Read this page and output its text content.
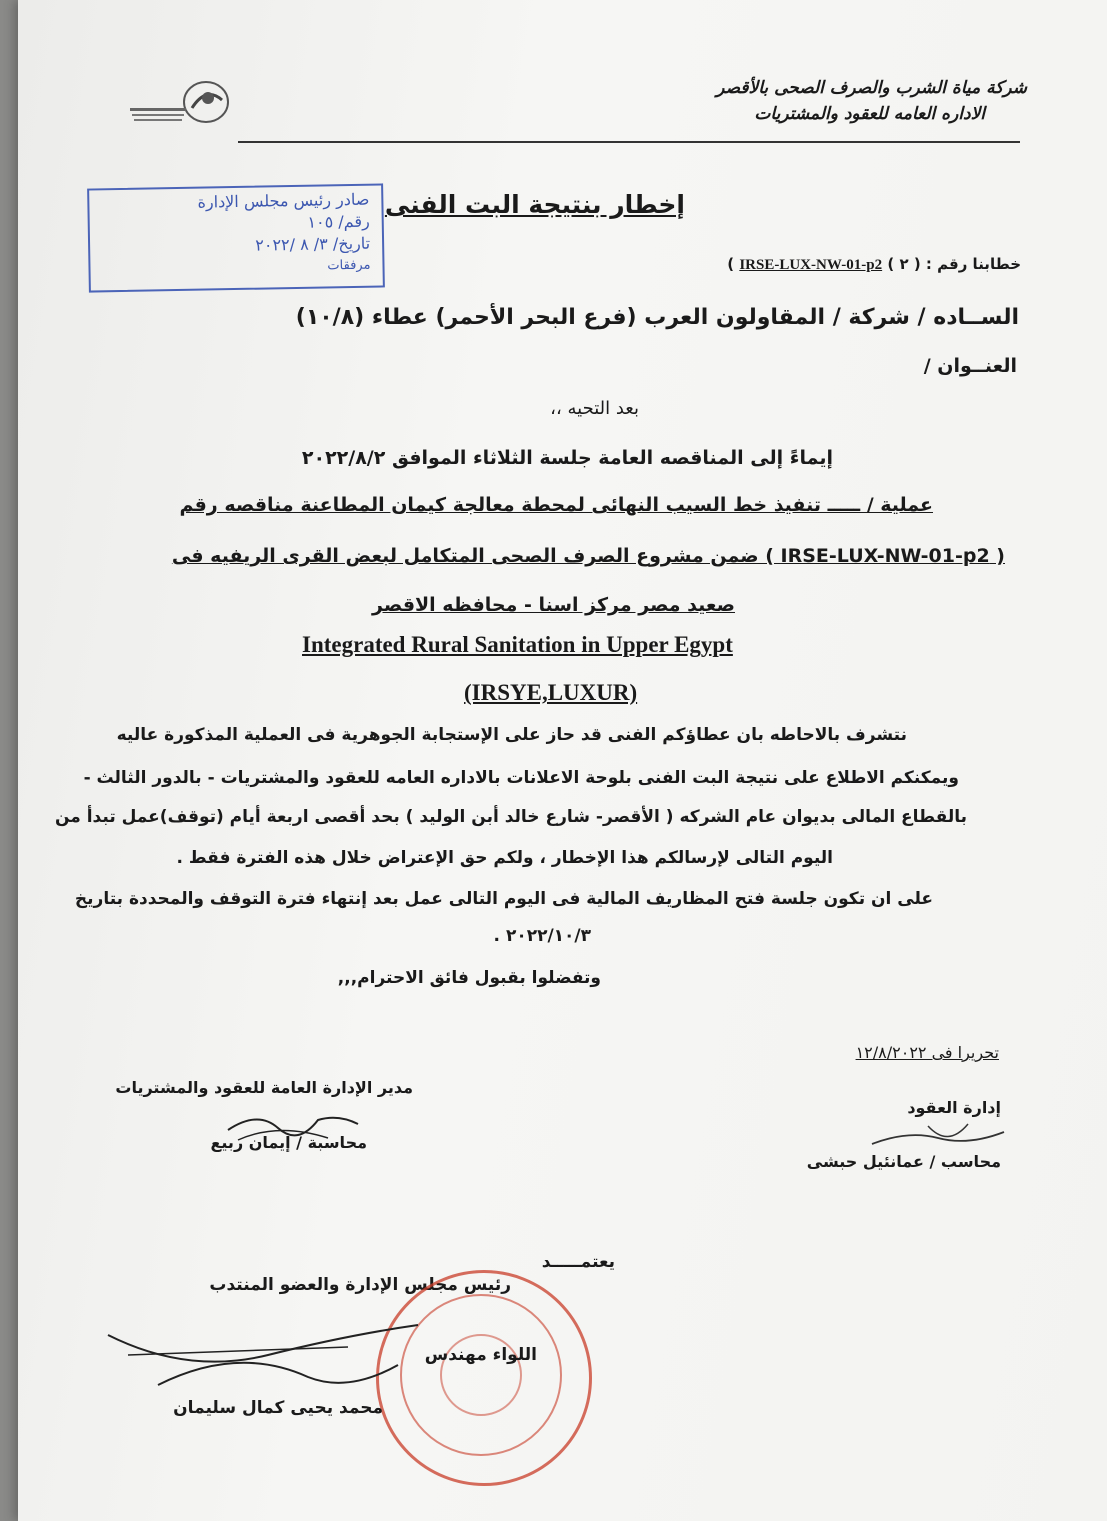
شركة مياة الشرب والصرف الصحى بالأقصر
الاداره العامه للعقود والمشتريات
صادر رئيس مجلس الإدارة
رقم/ ١٠٥
تاريخ/ ٣/ ٨ /٢٠٢٢
مرفقات
إخطار بنتيجة البت الفنى
خطابنا رقم : ( ٢ ) IRSE-LUX-NW-01-p2 )
الســاده / شركة / المقاولون العرب (فرع البحر الأحمر) عطاء (١٠/٨)
العنــوان /
بعد التحيه ،،
إيماءً إلى المناقصه العامة جلسة الثلاثاء الموافق ٢٠٢٢/٨/٢
عملية / ـــــ تنفيذ خط السيب النهائى لمحطة معالجة كيمان المطاعنة مناقصه رقم
( IRSE-LUX-NW-01-p2 ) ضمن مشروع الصرف الصحى المتكامل لبعض القرى الريفيه فى
صعيد مصر مركز اسنا - محافظه الاقصر
Integrated Rural Sanitation in Upper Egypt
(IRSYE,LUXUR)
نتشرف بالاحاطه بان عطاؤكم الفنى قد حاز على الإستجابة الجوهرية فى العملية المذكورة عاليه
ويمكنكم الاطلاع على نتيجة البت الفنى بلوحة الاعلانات بالاداره العامه للعقود والمشتريات - بالدور الثالث -
بالقطاع المالى بديوان عام الشركه ( الأقصر- شارع خالد أبن الوليد ) بحد أقصى اربعة أيام (توقف)عمل تبدأ من
اليوم التالى لإرسالكم هذا الإخطار ، ولكم حق الإعتراض خلال هذه الفترة فقط .
على ان تكون جلسة فتح المظاريف المالية فى اليوم التالى عمل بعد إنتهاء فترة التوقف والمحددة بتاريخ
٢٠٢٢/١٠/٣ .
وتفضلوا بقبول فائق الاحترام,,,
تحريرا فى ١٢/٨/٢٠٢٢
مدير الإدارة العامة للعقود والمشتريات
محاسبة / إيمان ربيع
إدارة العقود
محاسب / عمانئيل حبشى
يعتمـــــد
رئيس مجلس الإدارة والعضو المنتدب
اللواء مهندس
محمد يحيى كمال سليمان
